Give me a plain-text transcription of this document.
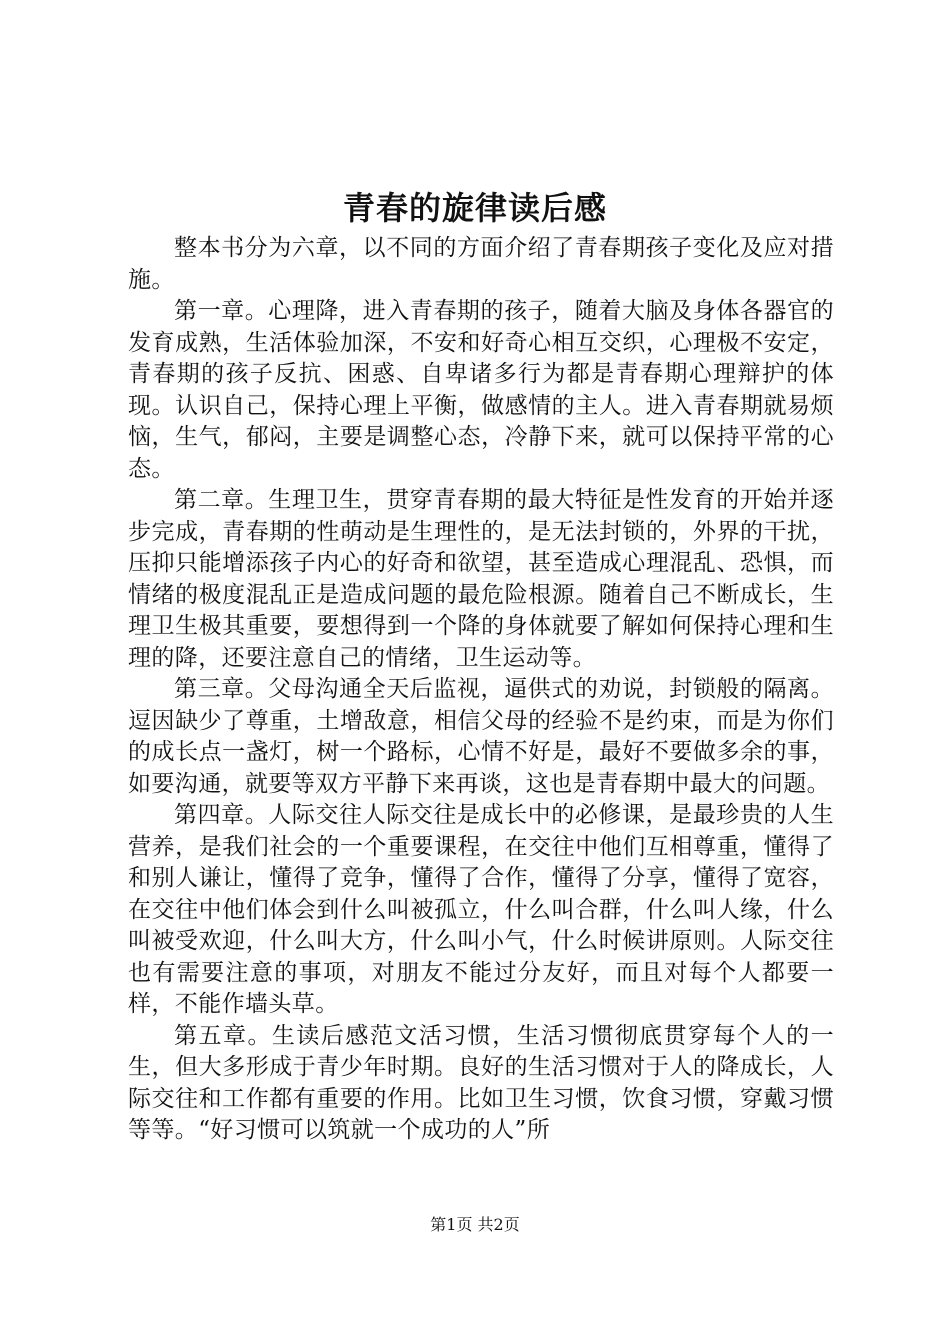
青春的旋律读后感

整本书分为六章，以不同的方面介绍了青春期孩子变化及应对措施。

第一章。心理降，进入青春期的孩子，随着大脑及身体各器官的发育成熟，生活体验加深，不安和好奇心相互交织，心理极不安定，青春期的孩子反抗、困惑、自卑诸多行为都是青春期心理辩护的体现。认识自己，保持心理上平衡，做感情的主人。进入青春期就易烦恼，生气，郁闷，主要是调整心态，冷静下来，就可以保持平常的心态。

第二章。生理卫生，贯穿青春期的最大特征是性发育的开始并逐步完成，青春期的性萌动是生理性的，是无法封锁的，外界的干扰，压抑只能增添孩子内心的好奇和欲望，甚至造成心理混乱、恐惧，而情绪的极度混乱正是造成问题的最危险根源。随着自己不断成长，生理卫生极其重要，要想得到一个降的身体就要了解如何保持心理和生理的降，还要注意自己的情绪，卫生运动等。

第三章。父母沟通全天后监视，逼供式的劝说，封锁般的隔离。逗因缺少了尊重，土增敌意，相信父母的经验不是约束，而是为你们的成长点一盏灯，树一个路标，心情不好是，最好不要做多余的事，如要沟通，就要等双方平静下来再谈，这也是青春期中最大的问题。

第四章。人际交往人际交往是成长中的必修课，是最珍贵的人生营养，是我们社会的一个重要课程，在交往中他们互相尊重，懂得了和别人谦让，懂得了竞争，懂得了合作，懂得了分享，懂得了宽容，在交往中他们体会到什么叫被孤立，什么叫合群，什么叫人缘，什么叫被受欢迎，什么叫大方，什么叫小气，什么时候讲原则。人际交往也有需要注意的事项，对朋友不能过分友好，而且对每个人都要一样，不能作墙头草。

第五章。生读后感范文活习惯，生活习惯彻底贯穿每个人的一生，但大多形成于青少年时期。良好的生活习惯对于人的降成长，人际交往和工作都有重要的作用。比如卫生习惯，饮食习惯，穿戴习惯等等。“好习惯可以筑就一个成功的人”所

第1页 共2页
